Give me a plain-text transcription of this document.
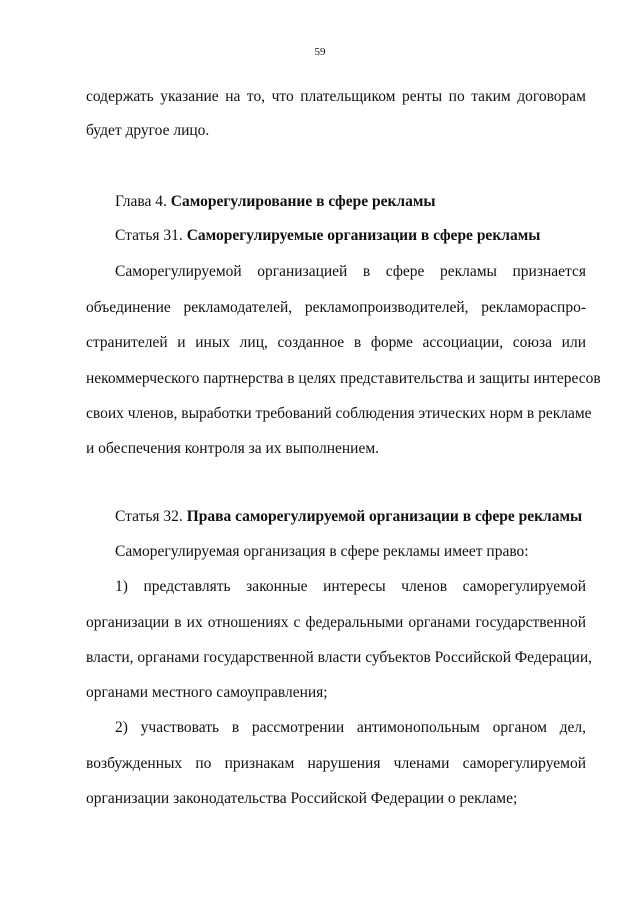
59
содержать указание на то, что плательщиком ренты по таким договорам
будет другое лицо.
Глава 4. Саморегулирование в сфере рекламы
Статья 31. Саморегулируемые организации в сфере рекламы
Саморегулируемой организацией в сфере рекламы признается
объединение рекламодателей, рекламопроизводителей, рекламораспро-
странителей и иных лиц, созданное в форме ассоциации, союза или
некоммерческого партнерства в целях представительства и защиты интересов
своих членов, выработки требований соблюдения этических норм в рекламе
и обеспечения контроля за их выполнением.
Статья 32. Права саморегулируемой организации в сфере рекламы
Саморегулируемая организация в сфере рекламы имеет право:
1) представлять законные интересы членов саморегулируемой
организации в их отношениях с федеральными органами государственной
власти, органами государственной власти субъектов Российской Федерации,
органами местного самоуправления;
2) участвовать в рассмотрении антимонопольным органом дел,
возбужденных по признакам нарушения членами саморегулируемой
организации законодательства Российской Федерации о рекламе;
